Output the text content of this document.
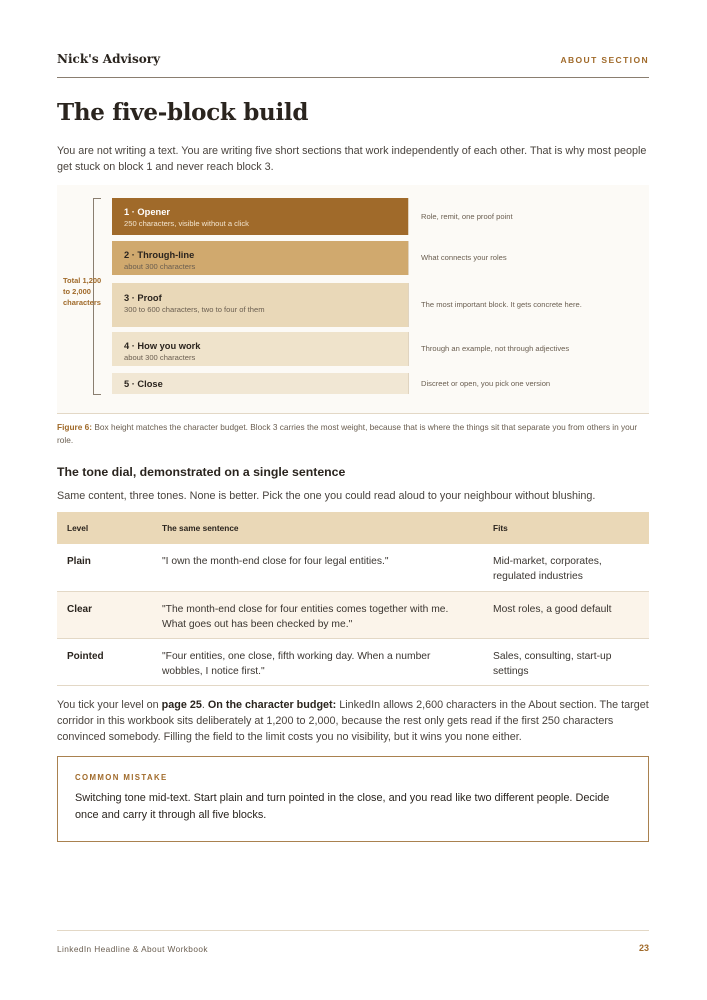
Nick's Advisory	ABOUT SECTION
The five-block build

You are not writing a text. You are writing five short sections that work independently of each other. That is why most people get stuck on block 1 and never reach block 3.

Total 1,200 to 2,000 characters
1 · Opener
250 characters, visible without a click
Role, remit, one proof point
2 · Through-line
about 300 characters
What connects your roles
3 · Proof
300 to 600 characters, two to four of them
The most important block. It gets concrete here.
4 · How you work
about 300 characters
Through an example, not through adjectives
5 · Close	Discreet or open, you pick one version

Figure 6: Box height matches the character budget. Block 3 carries the most weight, because that is where the things sit that separate you from others in your role.

The tone dial, demonstrated on a single sentence

Same content, three tones. None is better. Pick the one you could read aloud to your neighbour without blushing.

Level	The same sentence	Fits
Plain	"I own the month-end close for four legal entities."	Mid-market, corporates, regulated industries
Clear	"The month-end close for four entities comes together with me. What goes out has been checked by me."	Most roles, a good default
Pointed	"Four entities, one close, fifth working day. When a number wobbles, I notice first."	Sales, consulting, start-up settings

You tick your level on page 25. On the character budget: LinkedIn allows 2,600 characters in the About section. The target corridor in this workbook sits deliberately at 1,200 to 2,000, because the rest only gets read if the first 250 characters convinced somebody. Filling the field to the limit costs you no visibility, but it wins you none either.

COMMON MISTAKE
Switching tone mid-text. Start plain and turn pointed in the close, and you read like two different people. Decide once and carry it through all five blocks.
LinkedIn Headline & About Workbook	23
